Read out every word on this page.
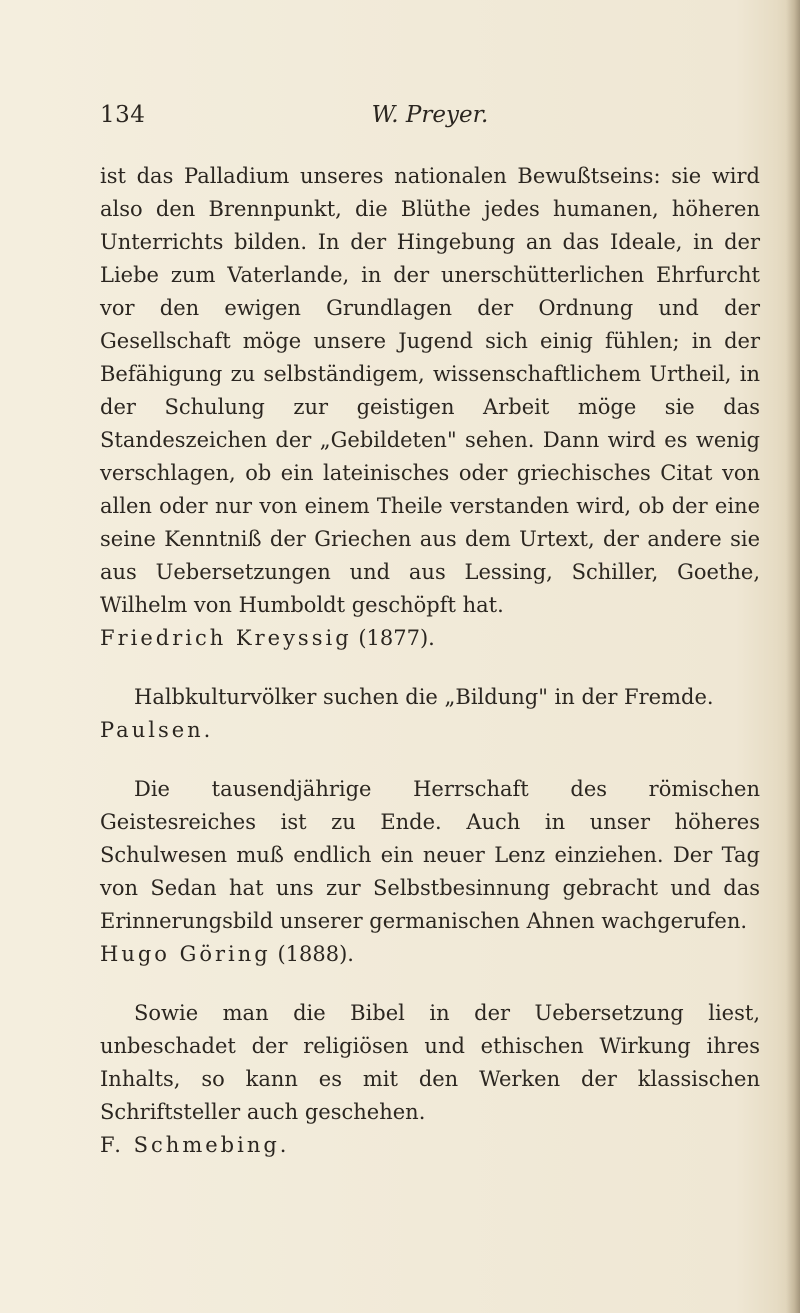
W. Preyer.
134

ist das Palladium unseres nationalen Bewußtseins: sie wird also den Brennpunkt, die Blüthe jedes humanen, höheren Unterrichts bilden. In der Hingebung an das Ideale, in der Liebe zum Vaterlande, in der unerschütterlichen Ehrfurcht vor den ewigen Grundlagen der Ordnung und der Gesellschaft möge unsere Jugend sich einig fühlen; in der Befähigung zu selbständigem, wissenschaftlichem Urtheil, in der Schulung zur geistigen Arbeit möge sie das Standeszeichen der „Gebildeten" sehen. Dann wird es wenig verschlagen, ob ein lateinisches oder griechisches Citat von allen oder nur von einem Theile verstanden wird, ob der eine seine Kenntniß der Griechen aus dem Urtext, der andere sie aus Uebersetzungen und aus Lessing, Schiller, Goethe, Wilhelm von Humboldt geschöpft hat.

Friedrich Kreyssig (1877).

Halbkulturvölker suchen die „Bildung" in der Fremde.

Paulsen.

Die tausendjährige Herrschaft des römischen Geistesreiches ist zu Ende. Auch in unser höheres Schulwesen muß endlich ein neuer Lenz einziehen. Der Tag von Sedan hat uns zur Selbstbesinnung gebracht und das Erinnerungsbild unserer germanischen Ahnen wachgerufen.

Hugo Göring (1888).

Sowie man die Bibel in der Uebersetzung liest, unbeschadet der religiösen und ethischen Wirkung ihres Inhalts, so kann es mit den Werken der klassischen Schriftsteller auch geschehen.

F. Schmebing.
